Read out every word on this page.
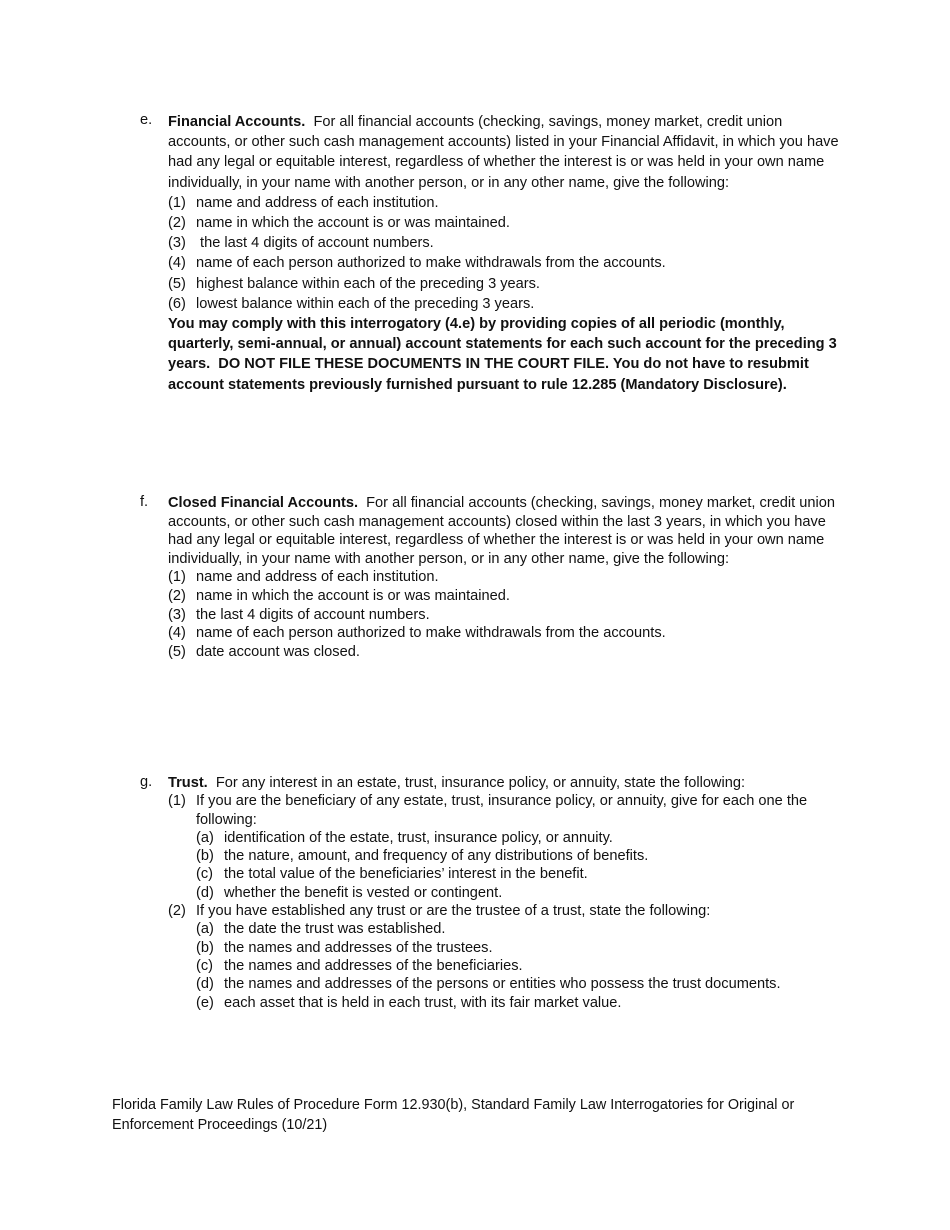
e. Financial Accounts. For all financial accounts (checking, savings, money market, credit union accounts, or other such cash management accounts) listed in your Financial Affidavit, in which you have had any legal or equitable interest, regardless of whether the interest is or was held in your own name individually, in your name with another person, or in any other name, give the following:
(1) name and address of each institution.
(2) name in which the account is or was maintained.
(3) the last 4 digits of account numbers.
(4) name of each person authorized to make withdrawals from the accounts.
(5) highest balance within each of the preceding 3 years.
(6) lowest balance within each of the preceding 3 years.
You may comply with this interrogatory (4.e) by providing copies of all periodic (monthly, quarterly, semi-annual, or annual) account statements for each such account for the preceding 3 years.  DO NOT FILE THESE DOCUMENTS IN THE COURT FILE. You do not have to resubmit account statements previously furnished pursuant to rule 12.285 (Mandatory Disclosure).
f. Closed Financial Accounts. For all financial accounts (checking, savings, money market, credit union accounts, or other such cash management accounts) closed within the last 3 years, in which you have had any legal or equitable interest, regardless of whether the interest is or was held in your own name individually, in your name with another person, or in any other name, give the following:
(1) name and address of each institution.
(2) name in which the account is or was maintained.
(3) the last 4 digits of account numbers.
(4) name of each person authorized to make withdrawals from the accounts.
(5) date account was closed.
g. Trust. For any interest in an estate, trust, insurance policy, or annuity, state the following:
(1) If you are the beneficiary of any estate, trust, insurance policy, or annuity, give for each one the following:
(a) identification of the estate, trust, insurance policy, or annuity.
(b) the nature, amount, and frequency of any distributions of benefits.
(c) the total value of the beneficiaries’ interest in the benefit.
(d) whether the benefit is vested or contingent.
(2) If you have established any trust or are the trustee of a trust, state the following:
(a) the date the trust was established.
(b) the names and addresses of the trustees.
(c) the names and addresses of the beneficiaries.
(d) the names and addresses of the persons or entities who possess the trust documents.
(e) each asset that is held in each trust, with its fair market value.
Florida Family Law Rules of Procedure Form 12.930(b), Standard Family Law Interrogatories for Original or
Enforcement Proceedings (10/21)
